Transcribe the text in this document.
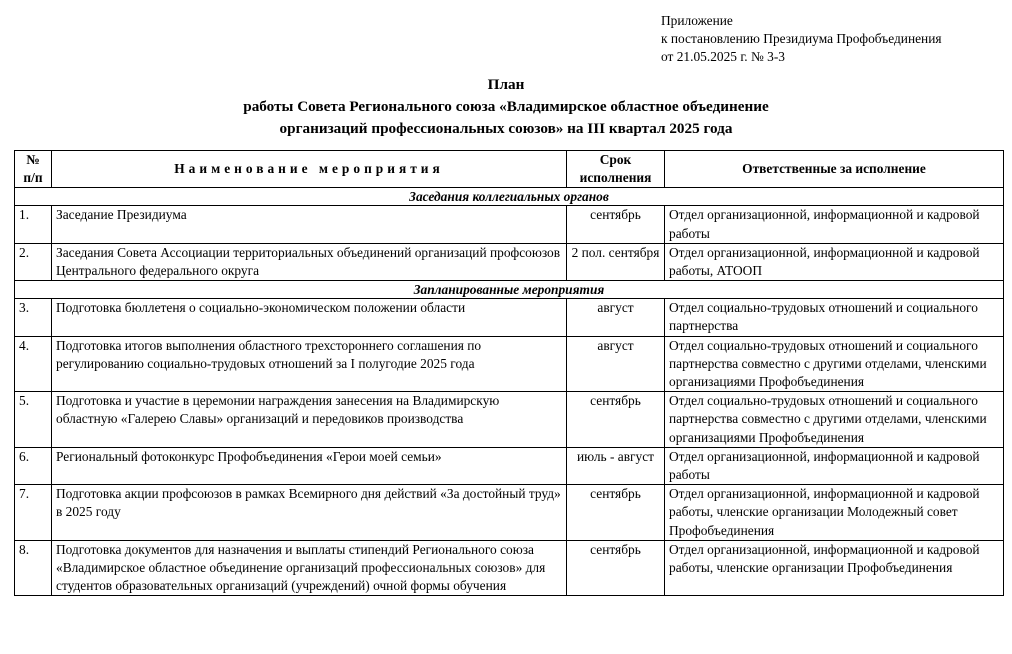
Приложение
к постановлению Президиума Профобъединения
от 21.05.2025 г. № 3-3
План
работы Совета Регионального союза «Владимирское областное объединение
организаций профессиональных союзов» на III квартал 2025 года
№ п/п	Наименование мероприятия	Срок исполнения	Ответственные за исполнение
Заседания коллегиальных органов			
1.	Заседание Президиума	сентябрь	Отдел организационной, информационной и кадровой работы
2.	Заседания Совета Ассоциации территориальных объединений организаций профсоюзов Центрального федерального округа	2 пол. сентября	Отдел организационной, информационной и кадровой работы, АТООП
Запланированные мероприятия			
3.	Подготовка бюллетеня о социально-экономическом положении области	август	Отдел социально-трудовых отношений и социального партнерства
4.	Подготовка итогов выполнения областного трехстороннего соглашения по регулированию социально-трудовых отношений за I полугодие 2025 года	август	Отдел социально-трудовых отношений и социального партнерства совместно с другими отделами, членскими организациями Профобъединения
5.	Подготовка и участие в церемонии награждения занесения на Владимирскую областную «Галерею Славы» организаций и передовиков производства	сентябрь	Отдел социально-трудовых отношений и социального партнерства совместно с другими отделами, членскими организациями Профобъединения
6.	Региональный фотоконкурс Профобъединения «Герои моей семьи»	июль - август	Отдел организационной, информационной и кадровой работы
7.	Подготовка акции профсоюзов в рамках Всемирного дня действий «За достойный труд» в 2025 году	сентябрь	Отдел организационной, информационной и кадровой работы, членские организации Молодежный совет Профобъединения
8.	Подготовка документов для назначения и выплаты стипендий Регионального союза «Владимирское областное объединение организаций профессиональных союзов» для студентов образовательных организаций (учреждений) очной формы обучения	сентябрь	Отдел организационной, информационной и кадровой работы, членские организации Профобъединения
